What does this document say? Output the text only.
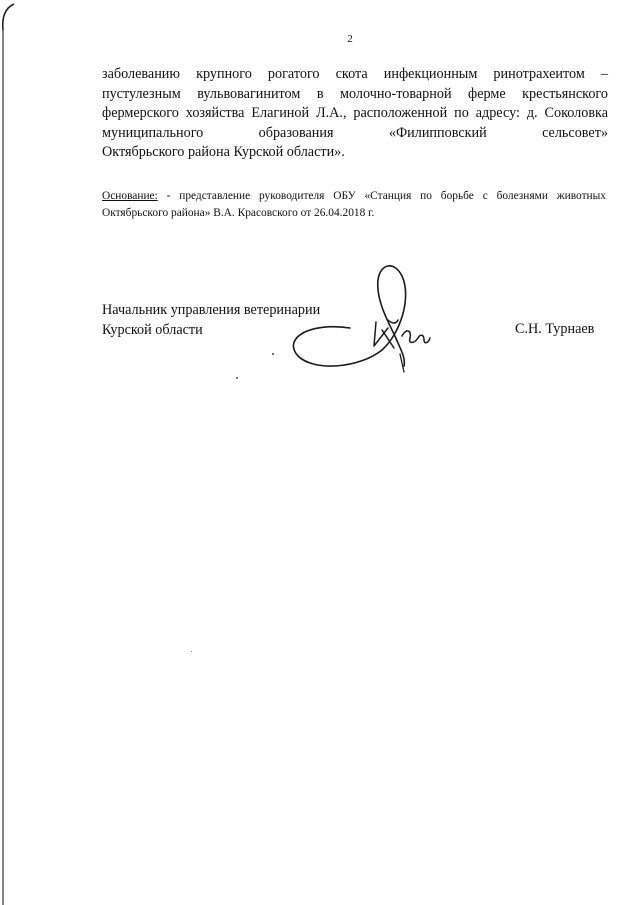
2

заболеванию крупного рогатого скота инфекционным ринотрахеитом – пустулезным вульвовагинитом в молочно-товарной ферме крестьянского фермерского хозяйства Елагиной Л.А., расположенной по адресу: д. Соколовка муниципального образования «Филипповский сельсовет»
Октябрьского района Курской области».

Основание: - представление руководителя ОБУ «Станция по борьбе с болезнями животных Октябрьского района» В.А. Красовского от 26.04.2018 г.

Начальник управления ветеринарии
Курской области	С.Н. Турнаев
